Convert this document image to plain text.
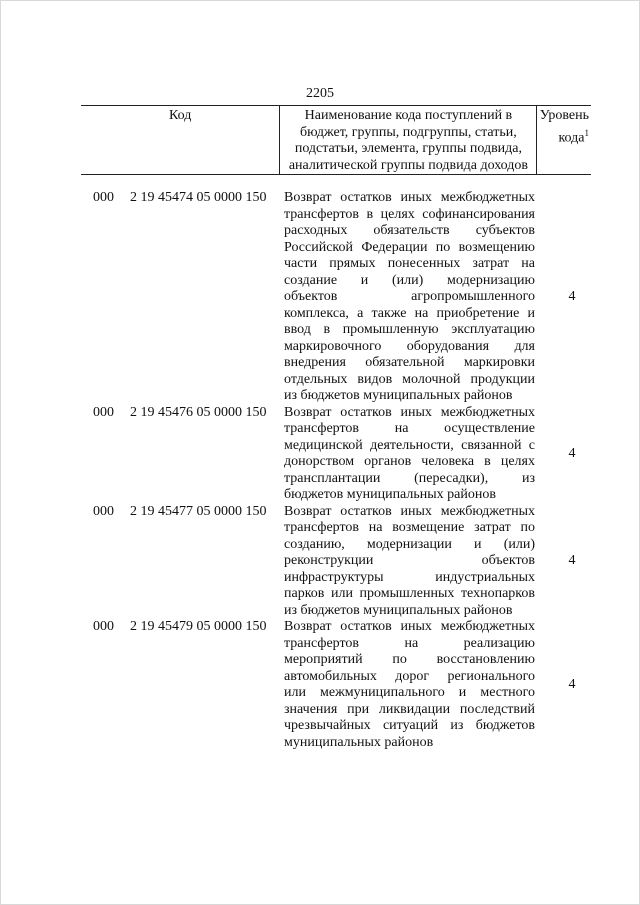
2205
Код	Наименование кода поступлений в бюджет, группы, подгруппы, статьи, подстатьи, элемента, группы подвида, аналитической группы подвида доходов
Уровень кода$^1$
000 2 19 45474 05 0000 150 Возврат остатков иных межбюджетных
трансфертов в целях софинансирования
расходных обязательств субъектов
Российской Федерации по возмещению
части прямых понесенных затрат на
создание и (или) модернизацию
объектов агропромышленного
комплекса, а также на приобретение и
ввод в промышленную эксплуатацию
маркировочного оборудования для
внедрения обязательной маркировки
отдельных видов молочной продукции
из бюджетов муниципальных районов
4
000 2 19 45476 05 0000 150 Возврат остатков иных межбюджетных
трансфертов на осуществление
медицинской деятельности, связанной с
донорством органов человека в целях
трансплантации (пересадки), из
бюджетов муниципальных районов
4
000 2 19 45477 05 0000 150 Возврат остатков иных межбюджетных
трансфертов на возмещение затрат по
созданию, модернизации и (или)
реконструкции объектов
инфраструктуры индустриальных
парков или промышленных технопарков
из бюджетов муниципальных районов
4
000 2 19 45479 05 0000 150 Возврат остатков иных межбюджетных
трансфертов на реализацию
мероприятий по восстановлению
автомобильных дорог регионального
или межмуниципального и местного
значения при ликвидации последствий
чрезвычайных ситуаций из бюджетов
муниципальных районов
4
